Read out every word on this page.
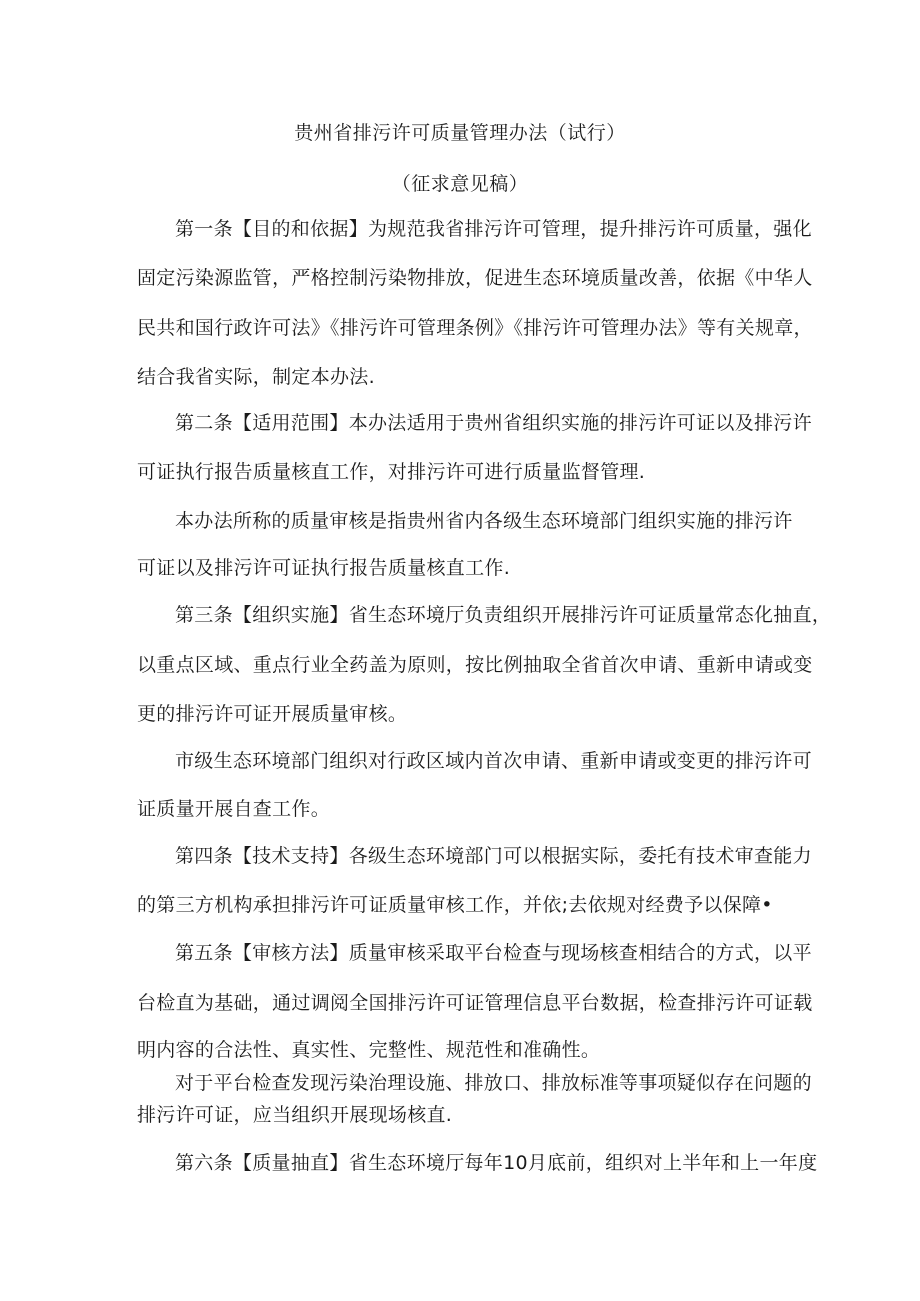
贵州省排污许可质量管理办法（试行）
（征求意见稿）

第一条【目的和依据】为规范我省排污许可管理，提升排污许可质量，强化

固定污染源监管，严格控制污染物排放，促进生态环境质量改善，依据《中华人

民共和国行政许可法》《排污许可管理条例》《排污许可管理办法》等有关规章，

结合我省实际，制定本办法.

第二条【适用范围】本办法适用于贵州省组织实施的排污许可证以及排污许

可证执行报告质量核直工作，对排污许可进行质量监督管理.

本办法所称的质量审核是指贵州省内各级生态环境部门组织实施的排污许

可证以及排污许可证执行报告质量核直工作.

第三条【组织实施】省生态环境厅负责组织开展排污许可证质量常态化抽直，

以重点区域、重点行业全药盖为原则，按比例抽取全省首次申请、重新申请或变

更的排污许可证开展质量审核。

市级生态环境部门组织对行政区域内首次申请、重新申请或变更的排污许可

证质量开展自查工作。

第四条【技术支持】各级生态环境部门可以根据实际，委托有技术审查能力

的第三方机构承担排污许可证质量审核工作，并依;去依规对经费予以保障•

第五条【审核方法】质量审核采取平台检查与现场核查相结合的方式，以平

台检直为基础，通过调阅全国排污许可证管理信息平台数据，检查排污许可证载

明内容的合法性、真实性、完整性、规范性和准确性。

对于平台检查发现污染治理设施、排放口、排放标准等事项疑似存在问题的

排污许可证，应当组织开展现场核直.

第六条【质量抽直】省生态环境厅每年10月底前，组织对上半年和上一年度
